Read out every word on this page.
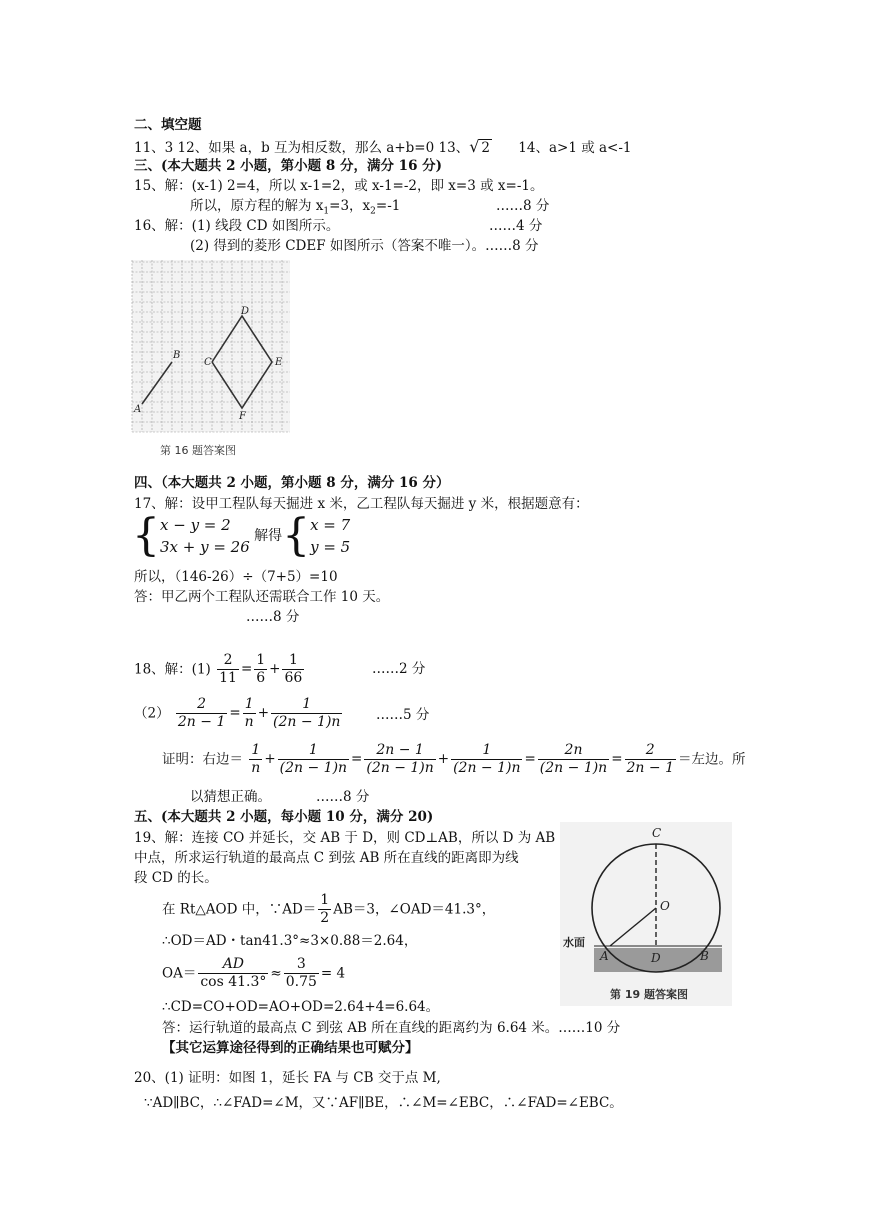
二、填空题
11、3 12、如果 a，b 互为相反数，那么 a+b=0 13、√ 2 14、a>1 或 a<-1
三、(本大题共 2 小题，第小题 8 分，满分 16 分)
15、解：(x-1) 2=4，所以 x-1=2，或 x-1=-2，即 x=3 或 x=-1。
所以，原方程的解为 $x_1=3$，$x_2=-1$	……8 分
16、解：(1) 线段 CD 如图所示。	……4 分
(2) 得到的菱形 CDEF 如图所示（答案不唯一）。……8 分
A
B
C
D
E
F
第 16 题答案图
四、（本大题共 2 小题，第小题 8 分，满分 16 分）
17、解：设甲工程队每天掘进 x 米，乙工程队每天掘进 y 米，根据题意有：
{ x − y = 2
3x + y = 26
解得{ x = 7
y = 5
所以，（146-26）÷（7+5）=10
答：甲乙两个工程队还需联合工作 10 天。
……8 分
18、解：$(1) \frac{2}{11} = \frac{1}{6} + \frac{1}{66}$	……2 分
$(2) \frac{2}{2n - 1} = \frac{1}{n} + \frac{1}{(2n - 1)n}$ ……5 分
证明：右边＝ $\frac{1}{n} + \frac{1}{(2n - 1)n} = \frac{2n - 1}{(2n - 1)n} + \frac{1}{(2n - 1)n} = \frac{2n}{(2n - 1)n} = \frac{2}{2n - 1}$ ＝左边。所
以猜想正确。	……8 分
五、(本大题共 2 小题，每小题 10 分，满分 20)
19、解：连接 CO 并延长，交 AB 于 D，则 CD⊥AB，所以 D 为 AB
中点，所求运行轨道的最高点 C 到弦 AB 所在直线的距离即为线
段 CD 的长。
在 Rt△AOD 中，∵AD＝ $\frac{1}{2} AB=3$，∠OAD＝41.3°，
∴OD＝AD・tan41.3°≈3×0.88＝2.64，
$OA= \frac{AD}{\cos 41.3^\circ} \approx \frac{3}{0.75} = 4$
∴CD=CO+OD=AO+OD=2.64+4=6.64。
答：运行轨道的最高点 C 到弦 AB 所在直线的距离约为 6.64 米。……10 分
【其它运算途径得到的正确结果也可赋分】
C
O
A	D	B
水面
第 19 题答案图
20、(1) 证明：如图 1，延长 FA 与 CB 交于点 M,
∵AD∥BC，∴∠FAD=∠M，又∵AF∥BE，∴∠M=∠EBC，∴∠FAD=∠EBC。
